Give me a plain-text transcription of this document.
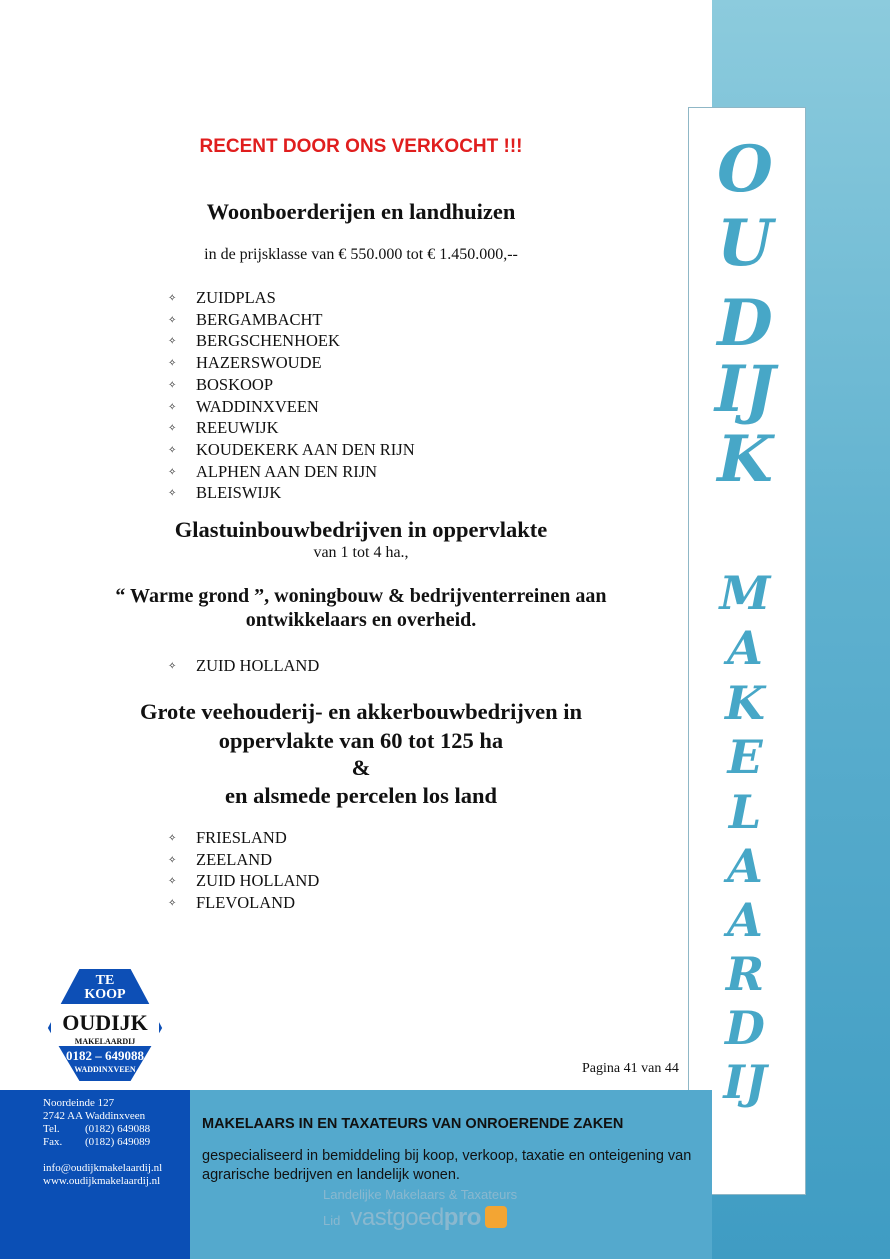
O
U
D
IJ
K
M
A
K
E
L
A
A
R
D
IJ
RECENT DOOR ONS VERKOCHT !!!
Woonboerderijen en landhuizen
in de prijsklasse van € 550.000 tot € 1.450.000,--
✧ ZUIDPLAS
✧ BERGAMBACHT
✧ BERGSCHENHOEK
✧ HAZERSWOUDE
✧ BOSKOOP
✧ WADDINXVEEN
✧ REEUWIJK
✧ KOUDEKERK AAN DEN RIJN
✧ ALPHEN AAN DEN RIJN
✧ BLEISWIJK
Glastuinbouwbedrijven in oppervlakte
van 1 tot 4 ha.,
“ Warme grond ”, woningbouw & bedrijventerreinen aan
ontwikkelaars en overheid.
✧ ZUID HOLLAND
Grote veehouderij- en akkerbouwbedrijven in
oppervlakte van 60 tot 125 ha
&
en alsmede percelen los land
✧ FRIESLAND
✧ ZEELAND
✧ ZUID HOLLAND
✧ FLEVOLAND
TE
KOOP
OUDIJK
MAKELAARDIJ
0182 – 649088
WADDINXVEEN	Pagina 41 van 44
Noordeinde 127
2742 AA Waddinxveen
Tel. (0182) 649088
Fax. (0182) 649089
info@oudijkmakelaardij.nl
www.oudijkmakelaardij.nl
MAKELAARS IN EN TAXATEURS VAN ONROERENDE ZAKEN
gespecialiseerd in bemiddeling bij koop, verkoop, taxatie en onteigening van agrarische bedrijven en landelijk wonen.
Landelijke Makelaars & Taxateurs
Lid vastgoedpro
